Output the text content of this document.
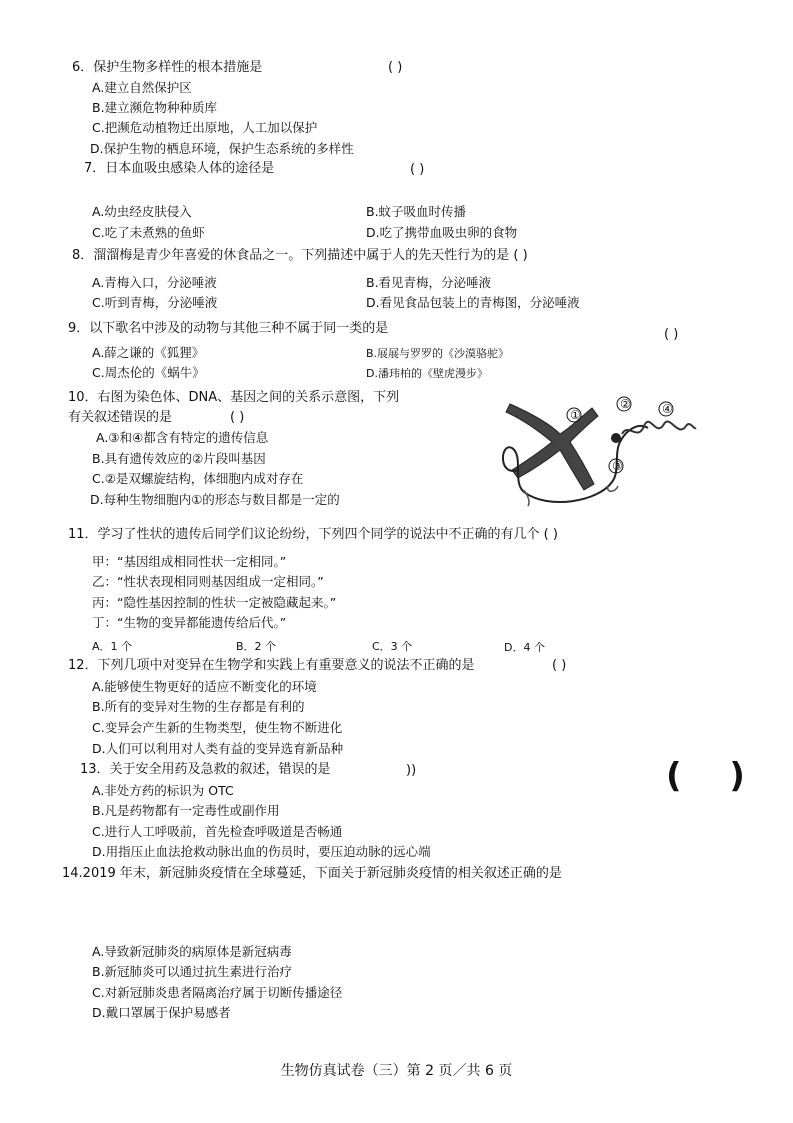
6．保护生物多样性的根本措施是	( )
A.建立自然保护区
B.建立濒危物种种质库
C.把濒危动植物迁出原地，人工加以保护
D.保护生物的栖息环境，保护生态系统的多样性
7．日本血吸虫感染人体的途径是	( )
A.幼虫经皮肤侵入	B.蚊子吸血时传播
C.吃了未煮熟的鱼虾	D.吃了携带血吸虫卵的食物
8．溜溜梅是青少年喜爱的休食品之一。下列描述中属于人的先天性行为的是 ( )
A.青梅入口，分泌唾液	B.看见青梅，分泌唾液
C.听到青梅，分泌唾液	D.看见食品包装上的青梅图，分泌唾液
9．以下歌名中涉及的动物与其他三种不属于同一类的是	( )
A.薛之谦的《狐狸》	B.展展与罗罗的《沙漠骆驼》
C.周杰伦的《蜗牛》	D.潘玮柏的《壁虎漫步》
10．右图为染色体、DNA、基因之间的关系示意图，下列
有关叙述错误的是	( )
A.③和④都含有特定的遗传信息
B.具有遗传效应的②片段叫基因
C.②是双螺旋结构，体细胞内成对存在
D.每种生物细胞内①的形态与数目都是一定的
①
②
③
④
11．学习了性状的遗传后同学们议论纷纷，下列四个同学的说法中不正确的有几个 ( )
甲：“基因组成相同性状一定相同。”
乙：“性状表现相同则基因组成一定相同。”
丙：“隐性基因控制的性状一定被隐藏起来。”
丁：“生物的变异都能遗传给后代。”
A．1 个	B．2 个	C．3 个	D．4 个
12．下列几项中对变异在生物学和实践上有重要意义的说法不正确的是	( )
A.能够使生物更好的适应不断变化的环境
B.所有的变异对生物的生存都是有利的
C.变异会产生新的生物类型，使生物不断进化
D.人们可以利用对人类有益的变异选育新品种
13．关于安全用药及急救的叙述，错误的是	))	( )
A.非处方药的标识为 OTC
B.凡是药物都有一定毒性或副作用
C.进行人工呼吸前，首先检查呼吸道是否畅通
D.用指压止血法抢救动脉出血的伤员时，要压迫动脉的远心端
14.2019 年末，新冠肺炎疫情在全球蔓延，下面关于新冠肺炎疫情的相关叙述正确的是
A.导致新冠肺炎的病原体是新冠病毒
B.新冠肺炎可以通过抗生素进行治疗
C.对新冠肺炎患者隔离治疗属于切断传播途径
D.戴口罩属于保护易感者
生物仿真试卷（三）第 2 页／共 6 页
